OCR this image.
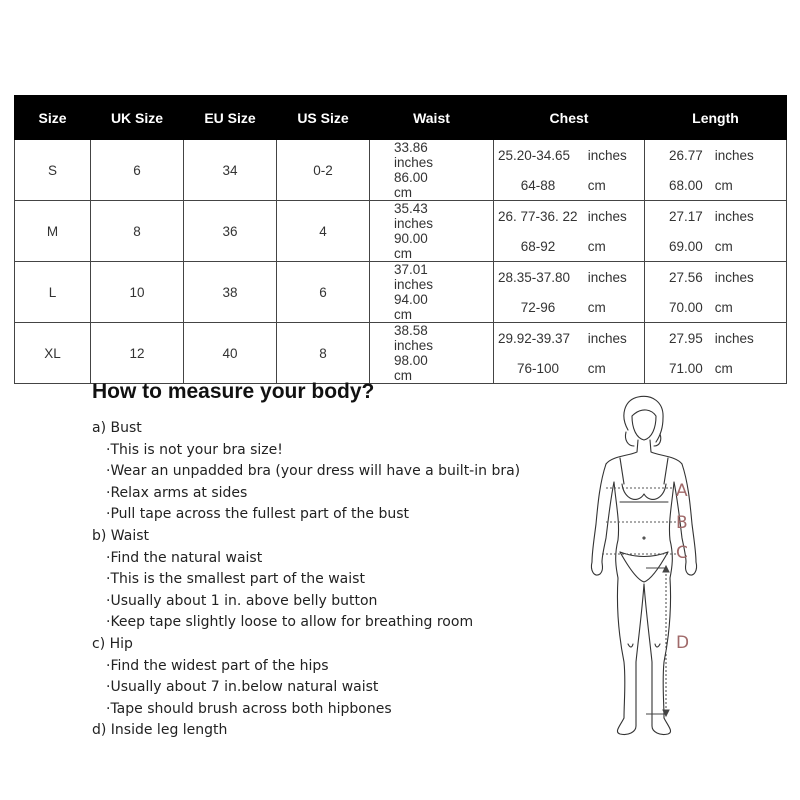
Size	UK Size	EU Size	US Size	Waist	Chest	Length
S	6	34	0-2	33.86 inches	25.20-34.65 inches	26.77 inches
				86.00 cm	64-88 cm	68.00 cm
M	8	36	4	35.43 inches	26. 77-36. 22 inches	27.17 inches
				90.00 cm	68-92 cm	69.00 cm
L	10	38	6	37.01 inches	28.35-37.80 inches	27.56 inches
				94.00 cm	72-96 cm	70.00 cm
XL	12	40	8	38.58 inches	29.92-39.37 inches	27.95 inches
				98.00 cm	76-100 cm	71.00 cm
How to measure your body?
a) Bust
·This is not your bra size!
·Wear an unpadded bra (your dress will have a built-in bra)
·Relax arms at sides
·Pull tape across the fullest part of the bust
b) Waist
·Find the natural waist
·This is the smallest part of the waist
·Usually about 1 in. above belly button
·Keep tape slightly loose to allow for breathing room
c) Hip
·Find the widest part of the hips
·Usually about 7 in.below natural waist
·Tape should brush across both hipbones
d) Inside leg length
A
B
C
D
